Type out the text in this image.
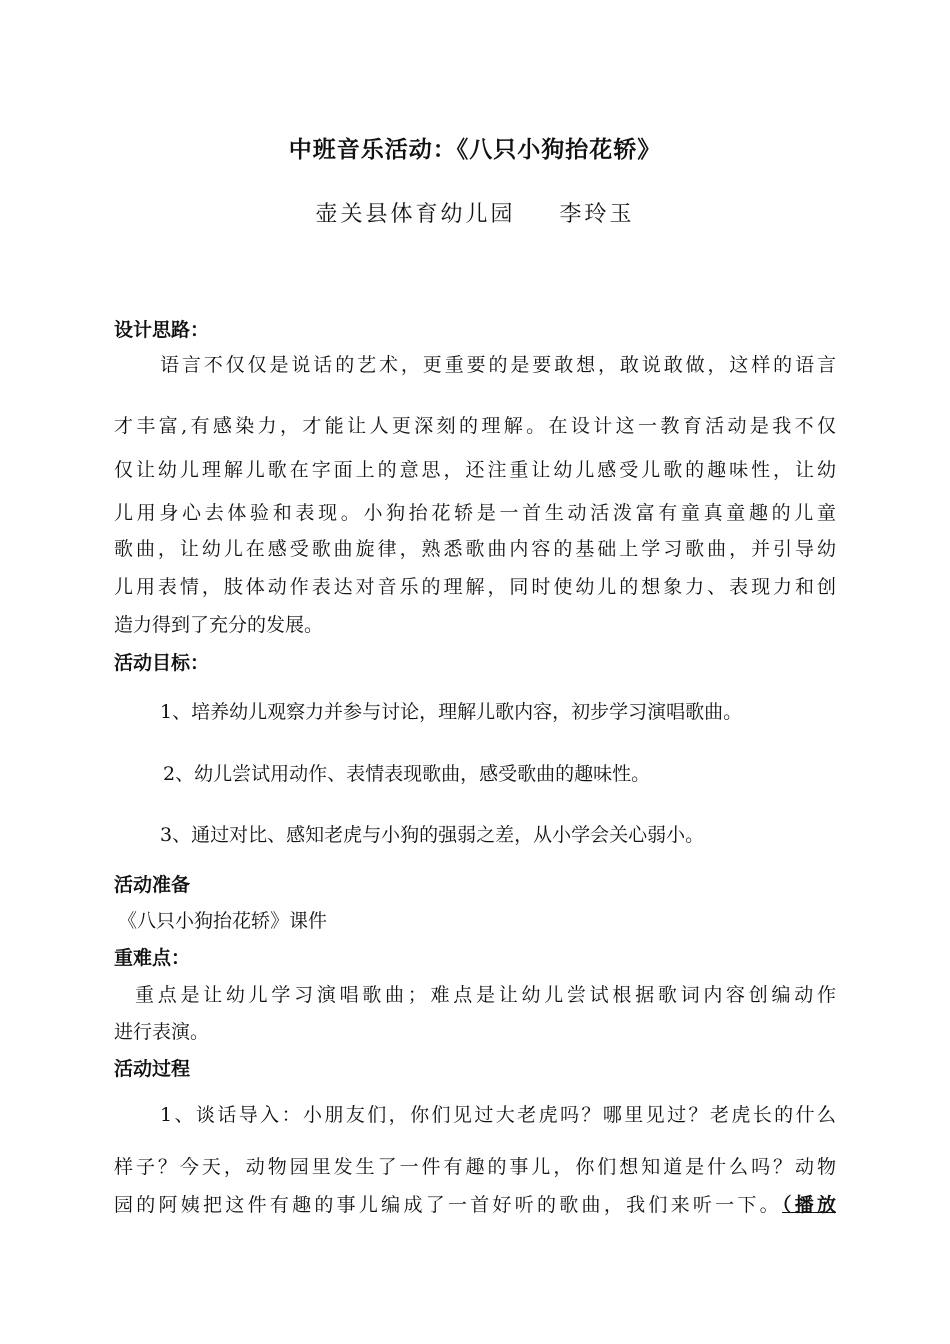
中班音乐活动：《八只小狗抬花轿》
壶关县体育幼儿园 李玲玉
设计思路：
语言不仅仅是说话的艺术，更重要的是要敢想，敢说敢做，这样的语言
才丰富,有感染力，才能让人更深刻的理解。在设计这一教育活动是我不仅
仅让幼儿理解儿歌在字面上的意思，还注重让幼儿感受儿歌的趣味性，让幼
儿用身心去体验和表现。小狗抬花轿是一首生动活泼富有童真童趣的儿童
歌曲，让幼儿在感受歌曲旋律，熟悉歌曲内容的基础上学习歌曲，并引导幼
儿用表情，肢体动作表达对音乐的理解，同时使幼儿的想象力、表现力和创
造力得到了充分的发展。
活动目标：
1、培养幼儿观察力并参与讨论，理解儿歌内容，初步学习演唱歌曲。
2、幼儿尝试用动作、表情表现歌曲，感受歌曲的趣味性。
3、通过对比、感知老虎与小狗的强弱之差，从小学会关心弱小。
活动准备
《八只小狗抬花轿》课件
重难点：
重点是让幼儿学习演唱歌曲；难点是让幼儿尝试根据歌词内容创编动作
进行表演。
活动过程
1、谈话导入：小朋友们，你们见过大老虎吗？哪里见过？老虎长的什么
样子？今天，动物园里发生了一件有趣的事儿，你们想知道是什么吗？动物
园的阿姨把这件有趣的事儿编成了一首好听的歌曲，我们来听一下。（播放
